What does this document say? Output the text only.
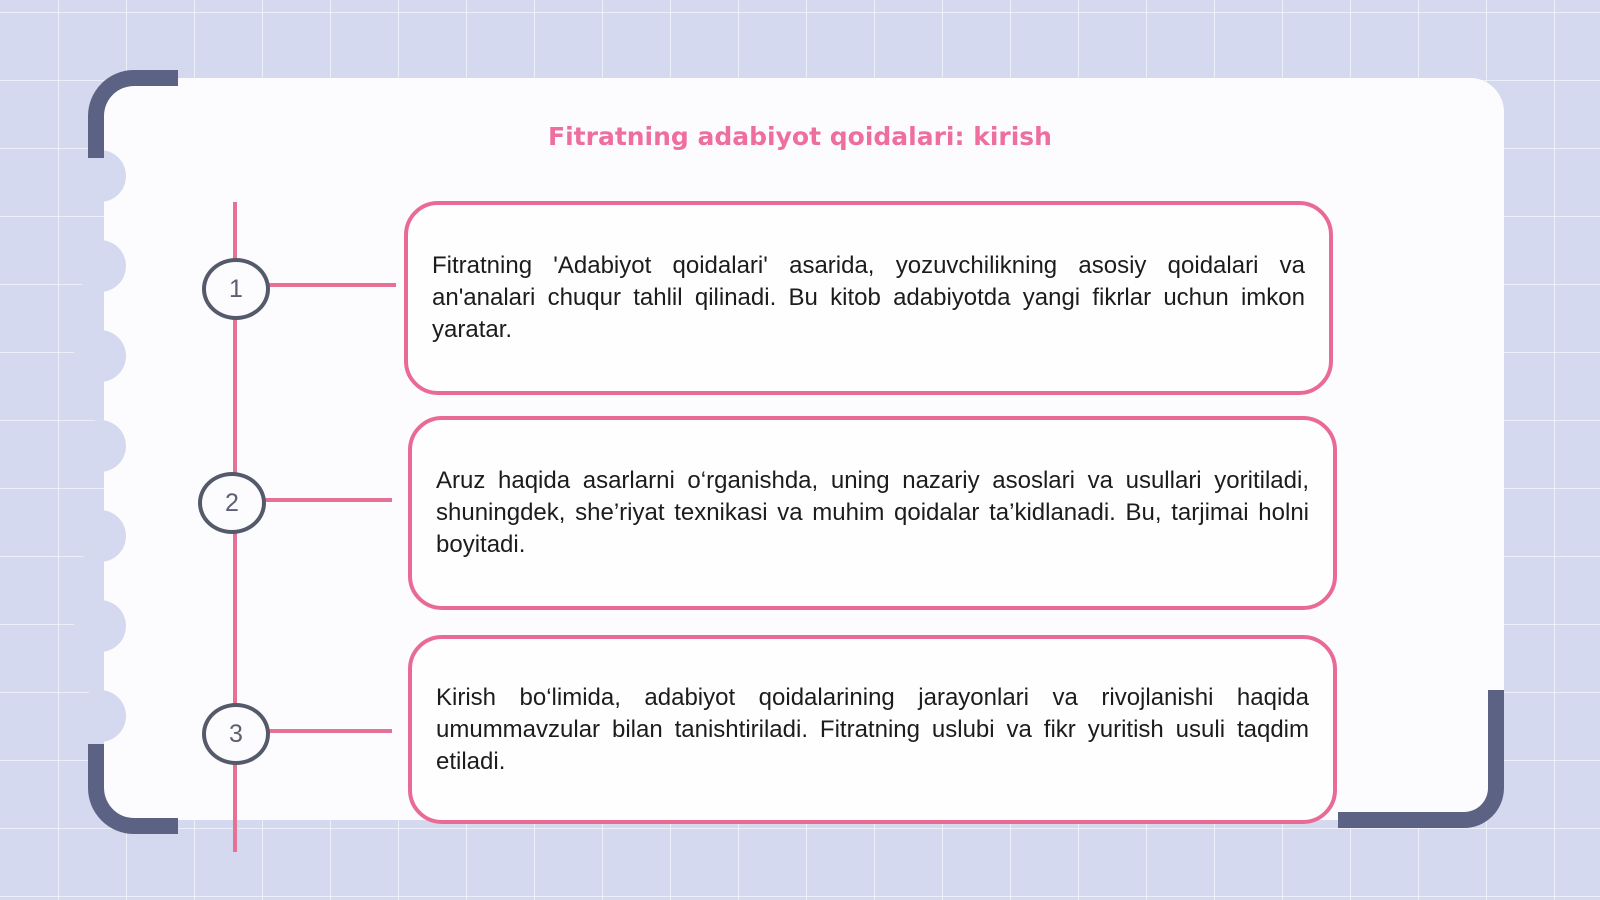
Fitratning adabiyot qoidalari: kirish
1

Fitratning 'Adabiyot qoidalari' asarida, yozuvchilikning asosiy qoidalari va an'analari chuqur tahlil qilinadi. Bu kitob adabiyotda yangi fikrlar uchun imkon yaratar.

2

Aruz haqida asarlarni o‘rganishda, uning nazariy asoslari va usullari yoritiladi, shuningdek, she’riyat texnikasi va muhim qoidalar ta’kidlanadi. Bu, tarjimai holni boyitadi.

3

Kirish bo‘limida, adabiyot qoidalarining jarayonlari va rivojlanishi haqida umummavzular bilan tanishtiriladi. Fitratning uslubi va fikr yuritish usuli taqdim etiladi.
